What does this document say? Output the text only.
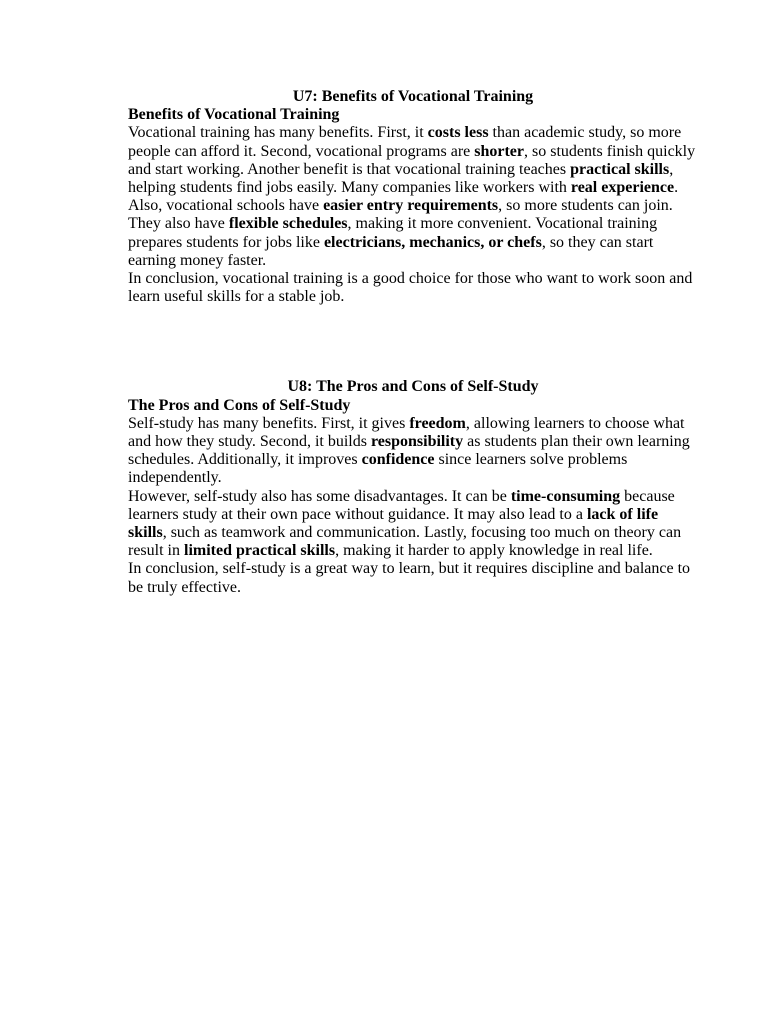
U7: Benefits of Vocational Training

Benefits of Vocational Training

Vocational training has many benefits. First, it costs less than academic study, so more people can afford it. Second, vocational programs are shorter, so students finish quickly and start working. Another benefit is that vocational training teaches practical skills, helping students find jobs easily. Many companies like workers with real experience.

Also, vocational schools have easier entry requirements, so more students can join. They also have flexible schedules, making it more convenient. Vocational training prepares students for jobs like electricians, mechanics, or chefs, so they can start earning money faster.

In conclusion, vocational training is a good choice for those who want to work soon and learn useful skills for a stable job.

U8: The Pros and Cons of Self-Study

The Pros and Cons of Self-Study

Self-study has many benefits. First, it gives freedom, allowing learners to choose what and how they study. Second, it builds responsibility as students plan their own learning schedules. Additionally, it improves confidence since learners solve problems independently.

However, self-study also has some disadvantages. It can be time-consuming because learners study at their own pace without guidance. It may also lead to a lack of life skills, such as teamwork and communication. Lastly, focusing too much on theory can result in limited practical skills, making it harder to apply knowledge in real life.

In conclusion, self-study is a great way to learn, but it requires discipline and balance to be truly effective.
